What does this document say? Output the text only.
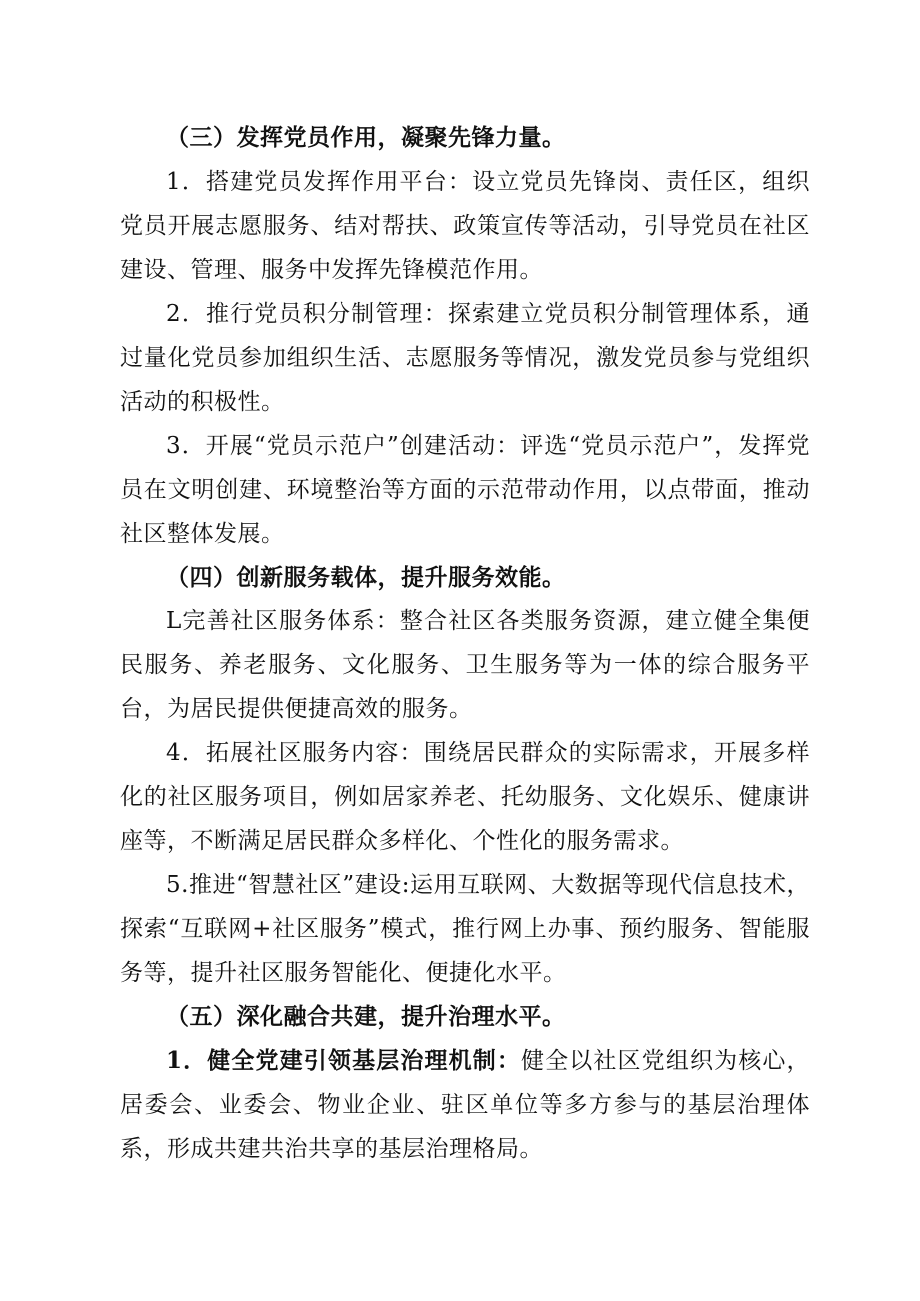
（三）发挥党员作用，凝聚先锋力量。

1．搭建党员发挥作用平台：设立党员先锋岗、责任区，组织党员开展志愿服务、结对帮扶、政策宣传等活动，引导党员在社区建设、管理、服务中发挥先锋模范作用。

2．推行党员积分制管理：探索建立党员积分制管理体系，通过量化党员参加组织生活、志愿服务等情况，激发党员参与党组织活动的积极性。

3．开展“党员示范户”创建活动：评选“党员示范户”，发挥党员在文明创建、环境整治等方面的示范带动作用，以点带面，推动社区整体发展。

（四）创新服务载体，提升服务效能。

L完善社区服务体系：整合社区各类服务资源，建立健全集便民服务、养老服务、文化服务、卫生服务等为一体的综合服务平台，为居民提供便捷高效的服务。

4．拓展社区服务内容：围绕居民群众的实际需求，开展多样化的社区服务项目，例如居家养老、托幼服务、文化娱乐、健康讲座等，不断满足居民群众多样化、个性化的服务需求。

5.推进“智慧社区”建设:运用互联网、大数据等现代信息技术，探索“互联网+社区服务”模式，推行网上办事、预约服务、智能服务等，提升社区服务智能化、便捷化水平。

（五）深化融合共建，提升治理水平。

1．健全党建引领基层治理机制：健全以社区党组织为核心，居委会、业委会、物业企业、驻区单位等多方参与的基层治理体系，形成共建共治共享的基层治理格局。
